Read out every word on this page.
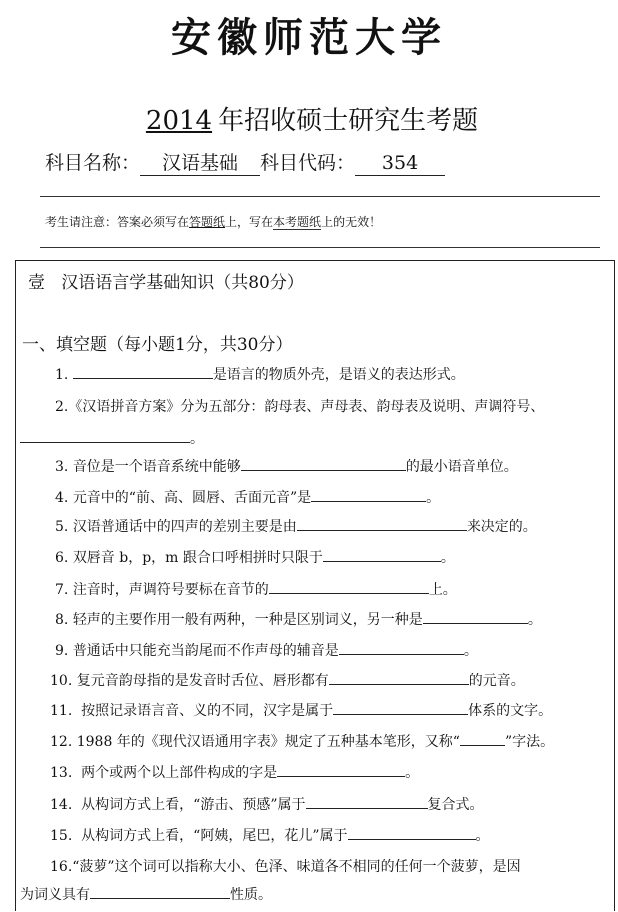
安徽师范大学
2014 年招收硕士研究生考题
科目名称： 汉语基础 科目代码： 354
考生请注意：答案必须写在答题纸上，写在本考题纸上的无效！
壹 汉语语言学基础知识（共80分）
一、填空题（每小题1分，共30分）
1.	是语言的物质外壳，是语义的表达形式。
2.《汉语拼音方案》分为五部分：韵母表、声母表、韵母表及说明、声调符号、
。
3. 音位是一个语音系统中能够	的最小语音单位。
4. 元音中的“前、高、圆唇、舌面元音”是	。
5. 汉语普通话中的四声的差别主要是由	来决定的。
6. 双唇音 b，p，m 跟合口呼相拼时只限于	。
7. 注音时，声调符号要标在音节的	上。
8. 轻声的主要作用一般有两种，一种是区别词义，另一种是	。
9. 普通话中只能充当韵尾而不作声母的辅音是	。
10. 复元音韵母指的是发音时舌位、唇形都有	的元音。
11. 按照记录语言音、义的不同，汉字是属于	体系的文字。
12. 1988 年的《现代汉语通用字表》规定了五种基本笔形，又称“	”字法。
13. 两个或两个以上部件构成的字是	。
14. 从构词方式上看，“游击、预感”属于	复合式。
15. 从构词方式上看，“阿姨，尾巴，花儿”属于	。
16.“菠萝”这个词可以指称大小、色泽、味道各不相同的任何一个菠萝，是因
为词义具有	性质。
